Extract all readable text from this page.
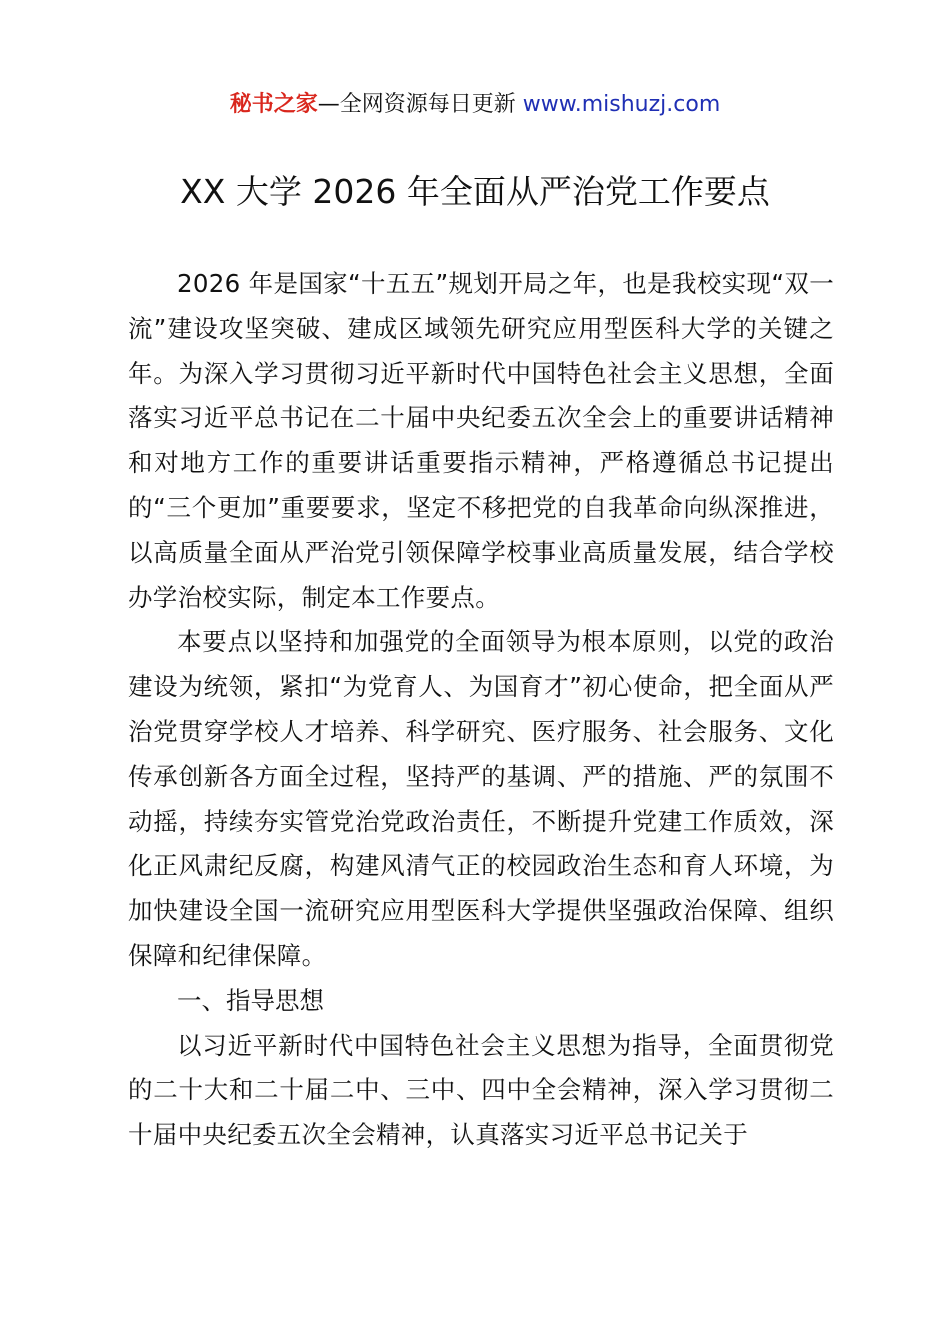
秘书之家—全网资源每日更新 www.mishuzj.com
XX 大学 2026 年全面从严治党工作要点

2026 年是国家“十五五”规划开局之年，也是我校实现“双一流”建设攻坚突破、建成区域领先研究应用型医科大学的关键之年。为深入学习贯彻习近平新时代中国特色社会主义思想，全面落实习近平总书记在二十届中央纪委五次全会上的重要讲话精神和对地方工作的重要讲话重要指示精神，严格遵循总书记提出的“三个更加”重要要求，坚定不移把党的自我革命向纵深推进，以高质量全面从严治党引领保障学校事业高质量发展，结合学校办学治校实际，制定本工作要点。

本要点以坚持和加强党的全面领导为根本原则，以党的政治建设为统领，紧扣“为党育人、为国育才”初心使命，把全面从严治党贯穿学校人才培养、科学研究、医疗服务、社会服务、文化传承创新各方面全过程，坚持严的基调、严的措施、严的氛围不动摇，持续夯实管党治党政治责任，不断提升党建工作质效，深化正风肃纪反腐，构建风清气正的校园政治生态和育人环境，为加快建设全国一流研究应用型医科大学提供坚强政治保障、组织保障和纪律保障。

一、指导思想

以习近平新时代中国特色社会主义思想为指导，全面贯彻党的二十大和二十届二中、三中、四中全会精神，深入学习贯彻二十届中央纪委五次全会精神，认真落实习近平总书记关于
